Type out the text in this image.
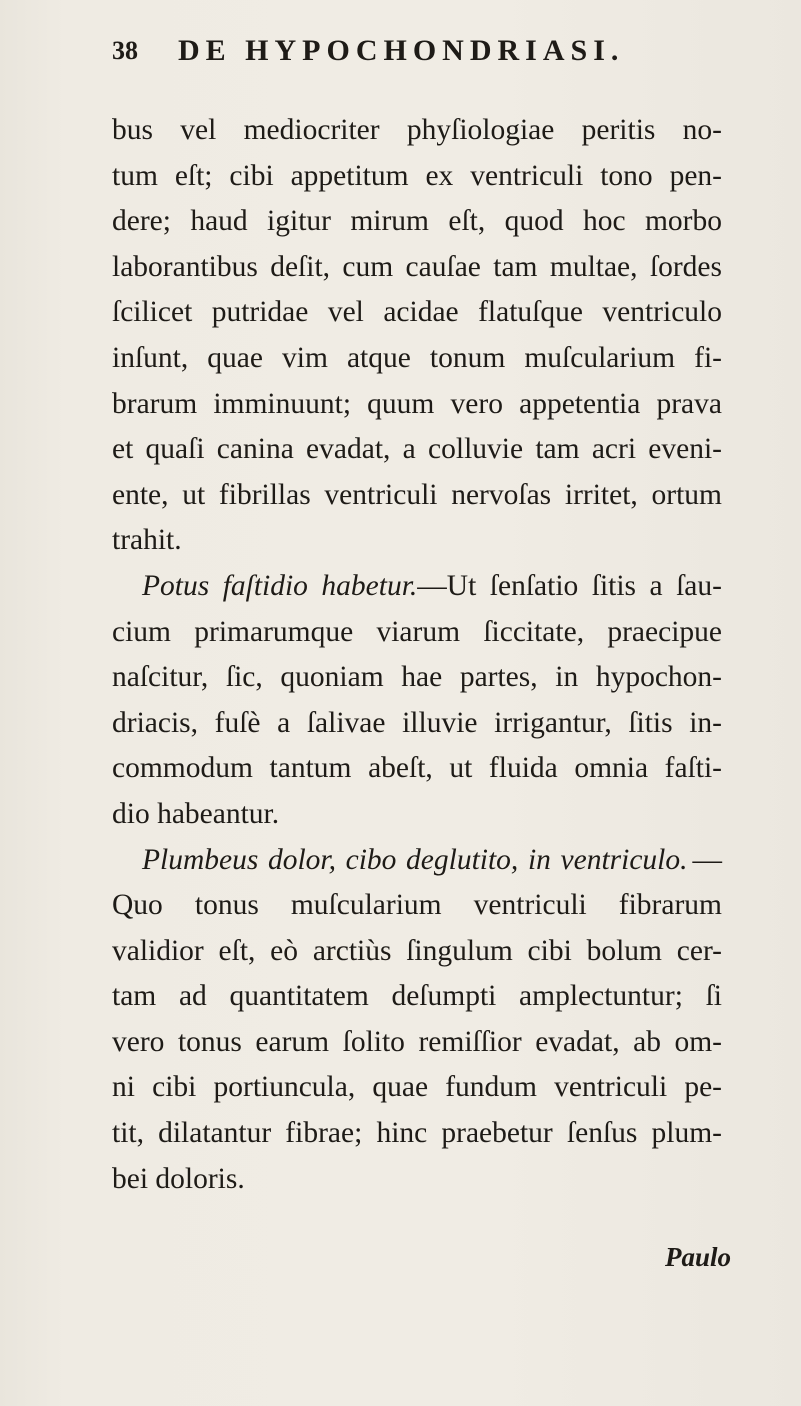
38 DE HYPOCHONDRIASI.
bus vel mediocriter phyſiologiae peritis no-
tum eſt; cibi appetitum ex ventriculi tono pen-
dere; haud igitur mirum eſt, quod hoc morbo
laborantibus deſit, cum cauſae tam multae, ſordes
ſcilicet putridae vel acidae flatuſque ventriculo
inſunt, quae vim atque tonum muſcularium fi-
brarum imminuunt; quum vero appetentia prava
et quaſi canina evadat, a colluvie tam acri eveni-
ente, ut fibrillas ventriculi nervoſas irritet, ortum
trahit.
Potus faſtidio habetur.—Ut ſenſatio ſitis a ſau-
cium primarumque viarum ſiccitate, praecipue
naſcitur, ſic, quoniam hae partes, in hypochon-
driacis, fuſè a ſalivae illuvie irrigantur, ſitis in-
commodum tantum abeſt, ut fluida omnia faſti-
dio habeantur.
Plumbeus dolor, cibo deglutito, in ventriculo. —
Quo tonus muſcularium ventriculi fibrarum
validior eſt, eò arctiùs ſingulum cibi bolum cer-
tam ad quantitatem deſumpti amplectuntur; ſi
vero tonus earum ſolito remiſſior evadat, ab om-
ni cibi portiuncula, quae fundum ventriculi pe-
tit, dilatantur fibrae; hinc praebetur ſenſus plum-
bei doloris.
Paulo
